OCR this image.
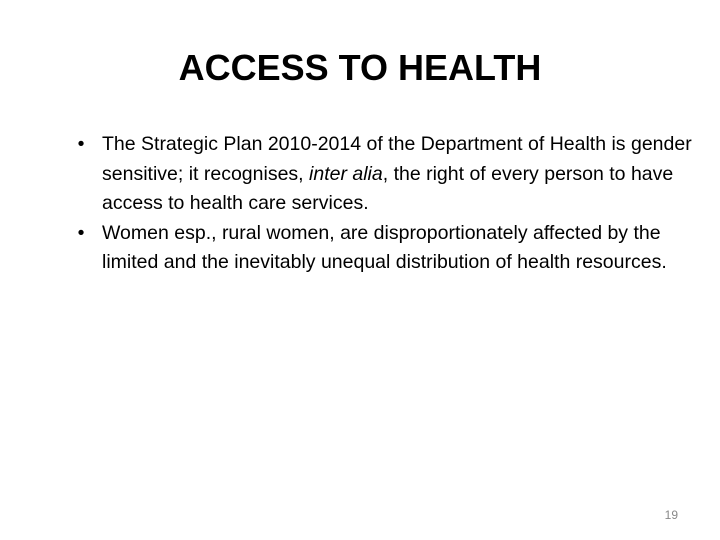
ACCESS TO HEALTH
• The Strategic Plan 2010-2014 of the Department of Health is gender sensitive; it recognises, inter alia, the right of every person to have access to health care services.
• Women esp., rural women, are disproportionately affected by the limited and the inevitably unequal distribution of health resources.
19
